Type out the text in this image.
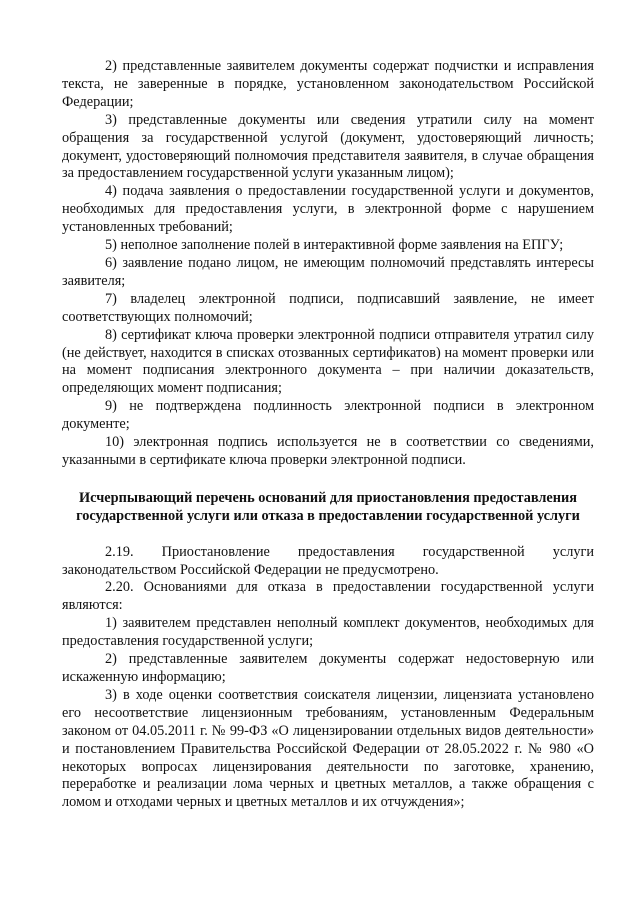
2) представленные заявителем документы содержат подчистки и исправления текста, не заверенные в порядке, установленном законодательством Российской Федерации;

3) представленные документы или сведения утратили силу на момент обращения за государственной услугой (документ, удостоверяющий личность; документ, удостоверяющий полномочия представителя заявителя, в случае обращения за предоставлением государственной услуги указанным лицом);

4) подача заявления о предоставлении государственной услуги и документов, необходимых для предоставления услуги, в электронной форме с нарушением установленных требований;

5) неполное заполнение полей в интерактивной форме заявления на ЕПГУ;

6) заявление подано лицом, не имеющим полномочий представлять интересы заявителя;

7) владелец электронной подписи, подписавший заявление, не имеет соответствующих полномочий;

8) сертификат ключа проверки электронной подписи отправителя утратил силу (не действует, находится в списках отозванных сертификатов) на момент проверки или на момент подписания электронного документа – при наличии доказательств, определяющих момент подписания;

9) не подтверждена подлинность электронной подписи в электронном документе;

10) электронная подпись используется не в соответствии со сведениями, указанными в сертификате ключа проверки электронной подписи.

Исчерпывающий перечень оснований для приостановления предоставления государственной услуги или отказа в предоставлении государственной услуги

2.19. Приостановление предоставления государственной услуги законодательством Российской Федерации не предусмотрено.

2.20. Основаниями для отказа в предоставлении государственной услуги являются:

1) заявителем представлен неполный комплект документов, необходимых для предоставления государственной услуги;

2) представленные заявителем документы содержат недостоверную или искаженную информацию;

3) в ходе оценки соответствия соискателя лицензии, лицензиата установлено его несоответствие лицензионным требованиям, установленным Федеральным законом от 04.05.2011 г. № 99-ФЗ «О лицензировании отдельных видов деятельности» и постановлением Правительства Российской Федерации от 28.05.2022 г. № 980 «О некоторых вопросах лицензирования деятельности по заготовке, хранению, переработке и реализации лома черных и цветных металлов, а также обращения с ломом и отходами черных и цветных металлов и их отчуждения»;
